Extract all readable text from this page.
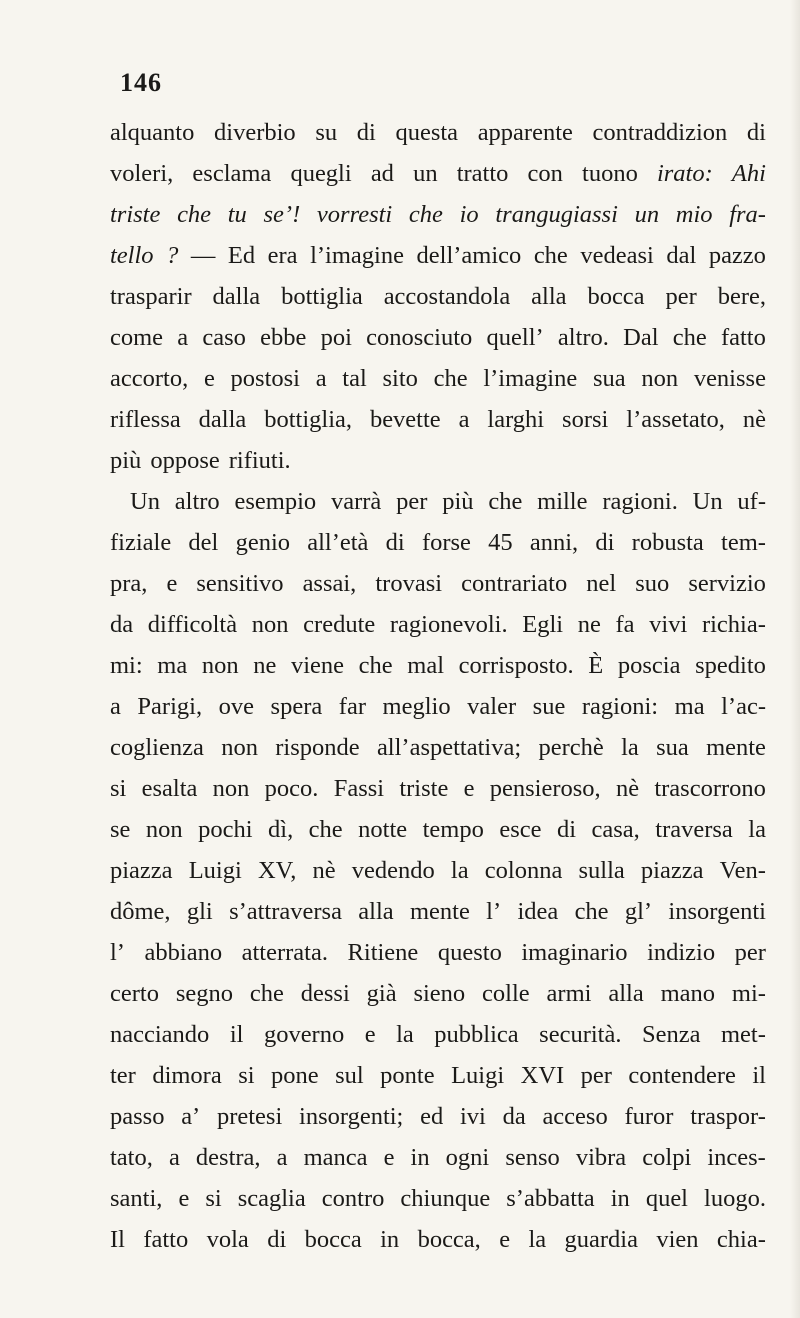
146
alquanto diverbio su di questa apparente contraddizion di
voleri, esclama quegli ad un tratto con tuono irato: Ahi
triste che tu se’! vorresti che io trangugiassi un mio fra-
tello ? — Ed era l’imagine dell’amico che vedeasi dal pazzo
trasparir dalla bottiglia accostandola alla bocca per bere,
come a caso ebbe poi conosciuto quell’ altro. Dal che fatto
accorto, e postosi a tal sito che l’imagine sua non venisse
riflessa dalla bottiglia, bevette a larghi sorsi l’assetato, nè
più oppose rifiuti.
Un altro esempio varrà per più che mille ragioni. Un uf-
fiziale del genio all’età di forse 45 anni, di robusta tem-
pra, e sensitivo assai, trovasi contrariato nel suo servizio
da difficoltà non credute ragionevoli. Egli ne fa vivi richia-
mi: ma non ne viene che mal corrisposto. È poscia spedito
a Parigi, ove spera far meglio valer sue ragioni: ma l’ac-
coglienza non risponde all’aspettativa; perchè la sua mente
si esalta non poco. Fassi triste e pensieroso, nè trascorrono
se non pochi dì, che notte tempo esce di casa, traversa la
piazza Luigi XV, nè vedendo la colonna sulla piazza Ven-
dôme, gli s’attraversa alla mente l’ idea che gl’ insorgenti
l’ abbiano atterrata. Ritiene questo imaginario indizio per
certo segno che dessi già sieno colle armi alla mano mi-
nacciando il governo e la pubblica securità. Senza met-
ter dimora si pone sul ponte Luigi XVI per contendere il
passo a’ pretesi insorgenti; ed ivi da acceso furor traspor-
tato, a destra, a manca e in ogni senso vibra colpi inces-
santi, e si scaglia contro chiunque s’abbatta in quel luogo.
Il fatto vola di bocca in bocca, e la guardia vien chia-
